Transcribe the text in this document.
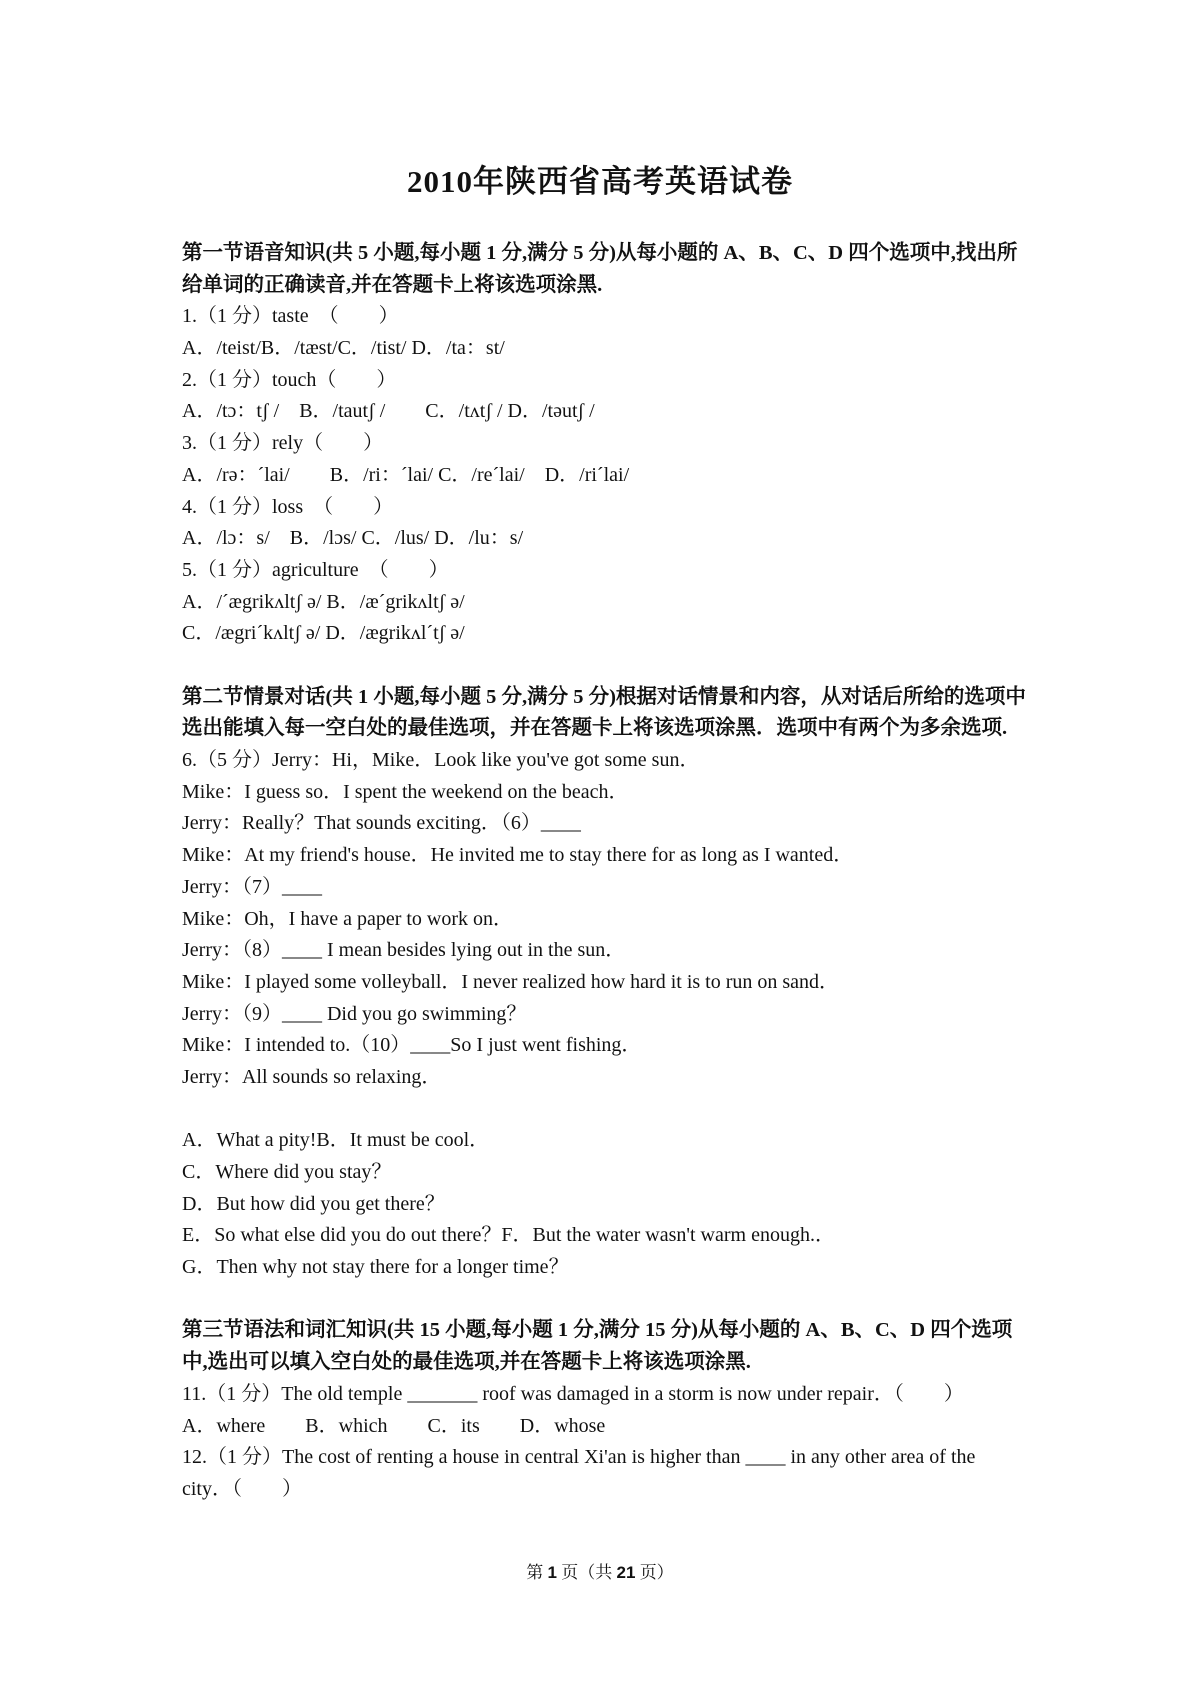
2010年陕西省高考英语试卷
第一节语音知识(共 5 小题,每小题 1 分,满分 5 分)从每小题的 A、B、C、D 四个选项中,找出所给单词的正确读音,并在答题卡上将该选项涂黑.
1.（1 分）taste　（　　）
A．/teist/B．/tæst/C．/tist/ D．/ta：st/
2.（1 分）touch（　　）
A．/tɔ：tʃ /　B．/tautʃ /　　C．/tʌtʃ / D．/təutʃ /
3.（1 分）rely（　　）
A．/rə：ˊlai/　　B．/ri：ˊlai/ C．/reˊlai/　D．/riˊlai/
4.（1 分）loss　（　　）
A．/lɔ：s/　B．/lɔs/ C．/lus/ D．/lu：s/
5.（1 分）agriculture　（　　）
A．/ˊægrikʌltʃ ə/ B．/æˊgrikʌltʃ ə/
C．/ægriˊkʌltʃ ə/ D．/ægrikʌlˊtʃ ə/
第二节情景对话(共 1 小题,每小题 5 分,满分 5 分)根据对话情景和内容，从对话后所给的选项中选出能填入每一空白处的最佳选项，并在答题卡上将该选项涂黑．选项中有两个为多余选项.
6.（5 分）Jerry：Hi，Mike．Look like you've got some sun．
Mike：I guess so．I spent the weekend on the beach．
Jerry：Really？That sounds exciting．（6）____
Mike：At my friend's house．He invited me to stay there for as long as I wanted．
Jerry：（7）____
Mike：Oh，I have a paper to work on．
Jerry：（8）____ I mean besides lying out in the sun．
Mike：I played some volleyball．I never realized how hard it is to run on sand．
Jerry：（9）____ Did you go swimming？
Mike：I intended to.（10）____So I just went fishing．
Jerry：All sounds so relaxing．
A．What a pity!B．It must be cool．
C．Where did you stay？
D．But how did you get there？
E．So what else did you do out there？F．But the water wasn't warm enough.．
G．Then why not stay there for a longer time？
第三节语法和词汇知识(共 15 小题,每小题 1 分,满分 15 分)从每小题的 A、B、C、D 四个选项中,选出可以填入空白处的最佳选项,并在答题卡上将该选项涂黑.
11.（1 分）The old temple _______ roof was damaged in a storm is now under repair．（　　）
A．where　　B．which　　C．its　　D．whose
12.（1 分）The cost of renting a house in central Xi'an is higher than ____ in any other area of the
city．（　　）
第 1 页（共 21 页）
